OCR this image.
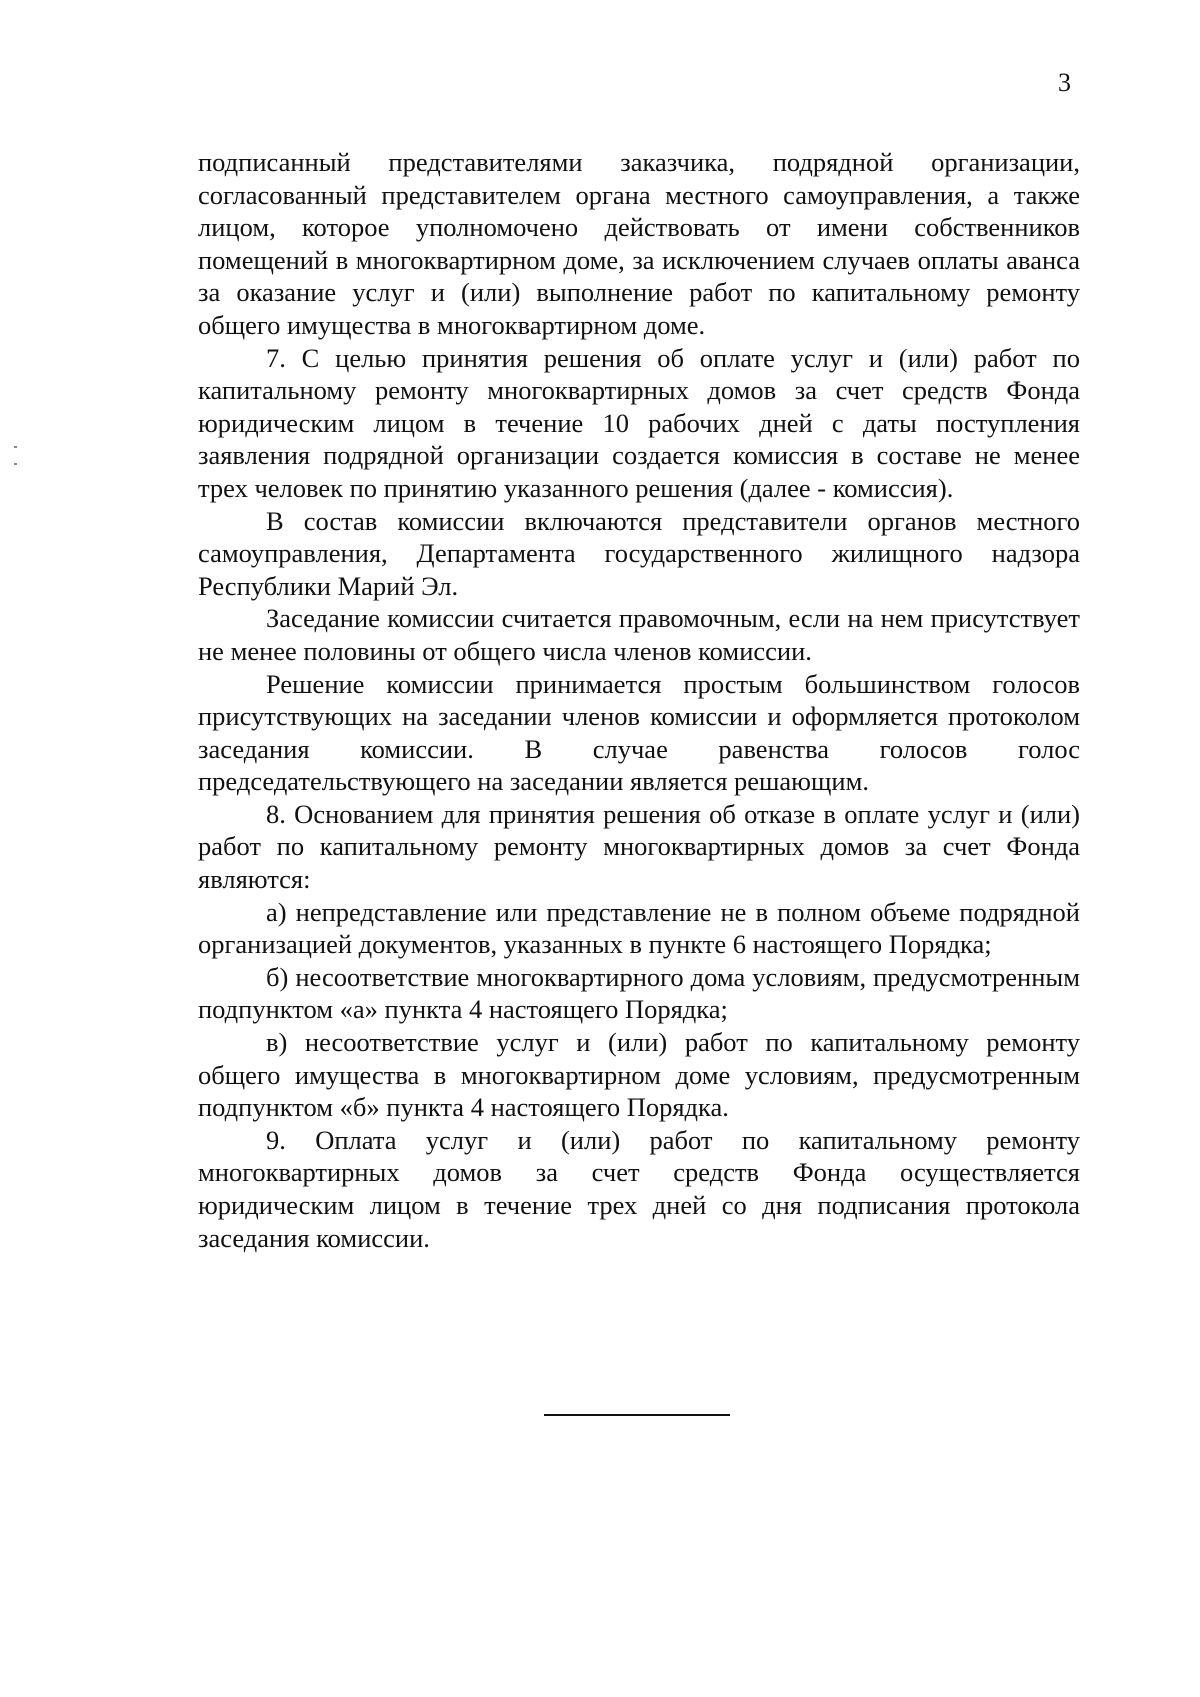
3

подписанный представителями заказчика, подрядной организации, согласованный представителем органа местного самоуправления, а также лицом, которое уполномочено действовать от имени собственников помещений в многоквартирном доме, за исключением случаев оплаты аванса за оказание услуг и (или) выполнение работ по капитальному ремонту общего имущества в многоквартирном доме.

7. С целью принятия решения об оплате услуг и (или) работ по капитальному ремонту многоквартирных домов за счет средств Фонда юридическим лицом в течение 10 рабочих дней с даты поступления заявления подрядной организации создается комиссия в составе не менее трех человек по принятию указанного решения (далее - комиссия).

В состав комиссии включаются представители органов местного самоуправления, Департамента государственного жилищного надзора Республики Марий Эл.

Заседание комиссии считается правомочным, если на нем присутствует не менее половины от общего числа членов комиссии.

Решение комиссии принимается простым большинством голосов присутствующих на заседании членов комиссии и оформляется протоколом заседания комиссии. В случае равенства голосов голос председательствующего на заседании является решающим.

8. Основанием для принятия решения об отказе в оплате услуг и (или) работ по капитальному ремонту многоквартирных домов за счет Фонда являются:

а) непредставление или представление не в полном объеме подрядной организацией документов, указанных в пункте 6 настоящего Порядка;

б) несоответствие многоквартирного дома условиям, предусмотренным подпунктом «а» пункта 4 настоящего Порядка;

в) несоответствие услуг и (или) работ по капитальному ремонту общего имущества в многоквартирном доме условиям, предусмотренным подпунктом «б» пункта 4 настоящего Порядка.

9. Оплата услуг и (или) работ по капитальному ремонту многоквартирных домов за счет средств Фонда осуществляется юридическим лицом в течение трех дней со дня подписания протокола заседания комиссии.
